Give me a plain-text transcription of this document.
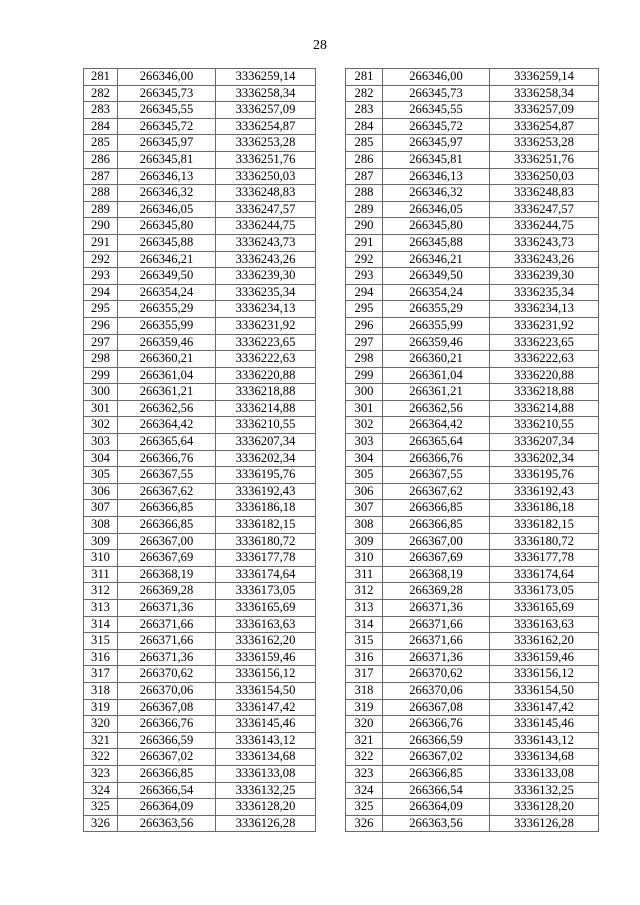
28
281	266346,00	3336259,14
282	266345,73	3336258,34
283	266345,55	3336257,09
284	266345,72	3336254,87
285	266345,97	3336253,28
286	266345,81	3336251,76
287	266346,13	3336250,03
288	266346,32	3336248,83
289	266346,05	3336247,57
290	266345,80	3336244,75
291	266345,88	3336243,73
292	266346,21	3336243,26
293	266349,50	3336239,30
294	266354,24	3336235,34
295	266355,29	3336234,13
296	266355,99	3336231,92
297	266359,46	3336223,65
298	266360,21	3336222,63
299	266361,04	3336220,88
300	266361,21	3336218,88
301	266362,56	3336214,88
302	266364,42	3336210,55
303	266365,64	3336207,34
304	266366,76	3336202,34
305	266367,55	3336195,76
306	266367,62	3336192,43
307	266366,85	3336186,18
308	266366,85	3336182,15
309	266367,00	3336180,72
310	266367,69	3336177,78
311	266368,19	3336174,64
312	266369,28	3336173,05
313	266371,36	3336165,69
314	266371,66	3336163,63
315	266371,66	3336162,20
316	266371,36	3336159,46
317	266370,62	3336156,12
318	266370,06	3336154,50
319	266367,08	3336147,42
320	266366,76	3336145,46
321	266366,59	3336143,12
322	266367,02	3336134,68
323	266366,85	3336133,08
324	266366,54	3336132,25
325	266364,09	3336128,20
326	266363,56	3336126,28
281	266346,00	3336259,14
282	266345,73	3336258,34
283	266345,55	3336257,09
284	266345,72	3336254,87
285	266345,97	3336253,28
286	266345,81	3336251,76
287	266346,13	3336250,03
288	266346,32	3336248,83
289	266346,05	3336247,57
290	266345,80	3336244,75
291	266345,88	3336243,73
292	266346,21	3336243,26
293	266349,50	3336239,30
294	266354,24	3336235,34
295	266355,29	3336234,13
296	266355,99	3336231,92
297	266359,46	3336223,65
298	266360,21	3336222,63
299	266361,04	3336220,88
300	266361,21	3336218,88
301	266362,56	3336214,88
302	266364,42	3336210,55
303	266365,64	3336207,34
304	266366,76	3336202,34
305	266367,55	3336195,76
306	266367,62	3336192,43
307	266366,85	3336186,18
308	266366,85	3336182,15
309	266367,00	3336180,72
310	266367,69	3336177,78
311	266368,19	3336174,64
312	266369,28	3336173,05
313	266371,36	3336165,69
314	266371,66	3336163,63
315	266371,66	3336162,20
316	266371,36	3336159,46
317	266370,62	3336156,12
318	266370,06	3336154,50
319	266367,08	3336147,42
320	266366,76	3336145,46
321	266366,59	3336143,12
322	266367,02	3336134,68
323	266366,85	3336133,08
324	266366,54	3336132,25
325	266364,09	3336128,20
326	266363,56	3336126,28
